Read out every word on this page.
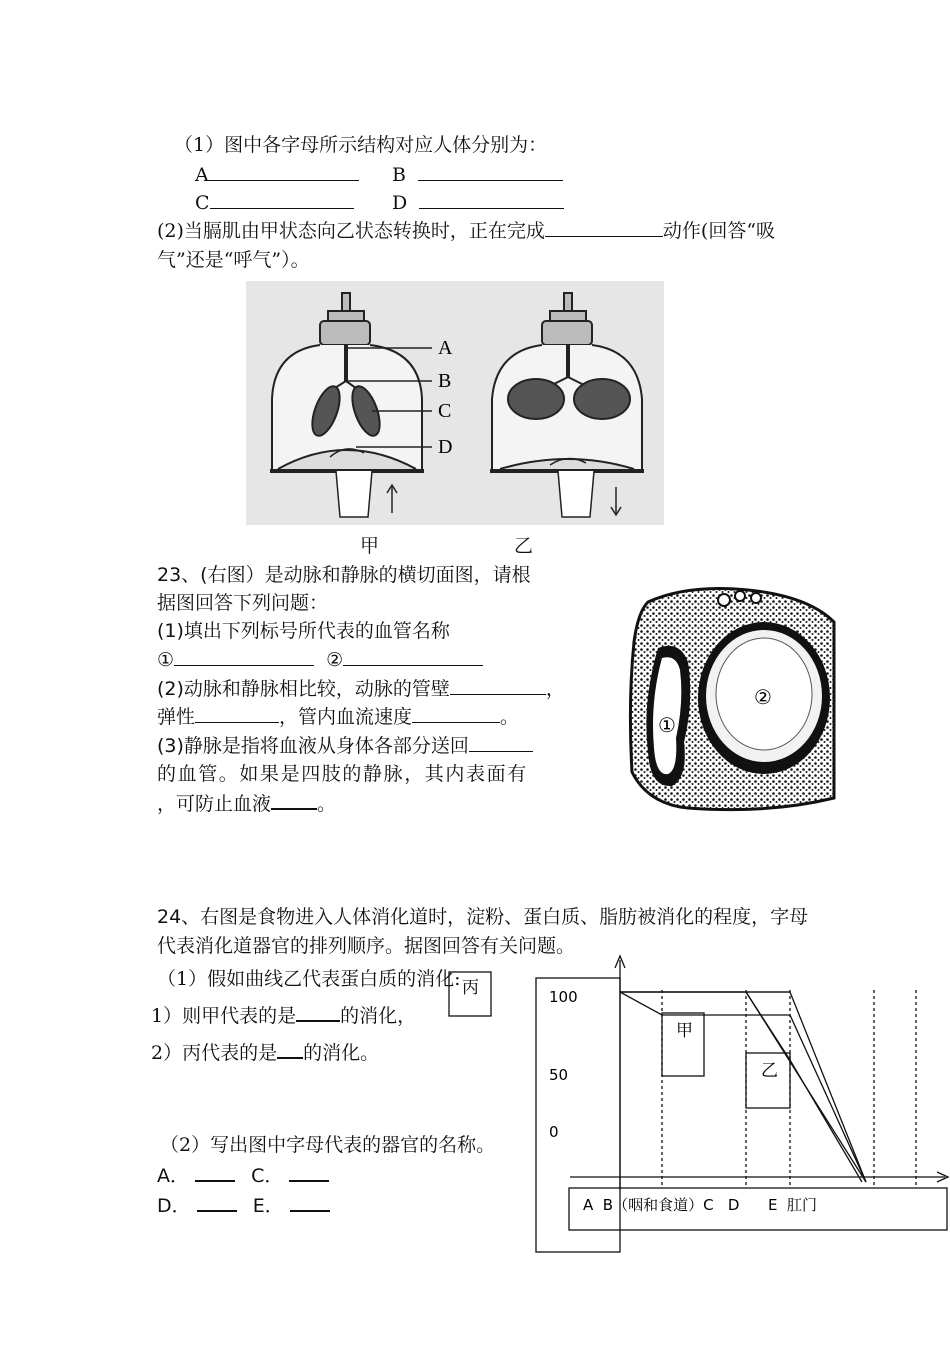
（1）图中各字母所示结构对应人体分别为：
A	B
C	D
(2)当膈肌由甲状态向乙状态转换时，正在完成	动作(回答“吸
气”还是“呼气”）。
A
B
C
D
甲	乙
23、(右图）是动脉和静脉的横切面图，请根
据图回答下列问题：
(1)填出下列标号所代表的血管名称
①	②
(2)动脉和静脉相比较，动脉的管壁	，
弹性	，管内血流速度	。
(3)静脉是指将血液从身体各部分送回
的血管。如果是四肢的静脉，其内表面有
，可防止血液 。
①
②
24、右图是食物进入人体消化道时，淀粉、蛋白质、脂肪被消化的程度，字母
代表消化道器官的排列顺序。据图回答有关问题。
（1）假如曲线乙代表蛋白质的消化:
1）则甲代表的是 的消化，
2）丙代表的是 的消化。
（2）写出图中字母代表的器官的名称。
A．	C．
D．	E．
100
50
0
丙
甲
乙
A  B（咽和食道）C   D      E  肛门
